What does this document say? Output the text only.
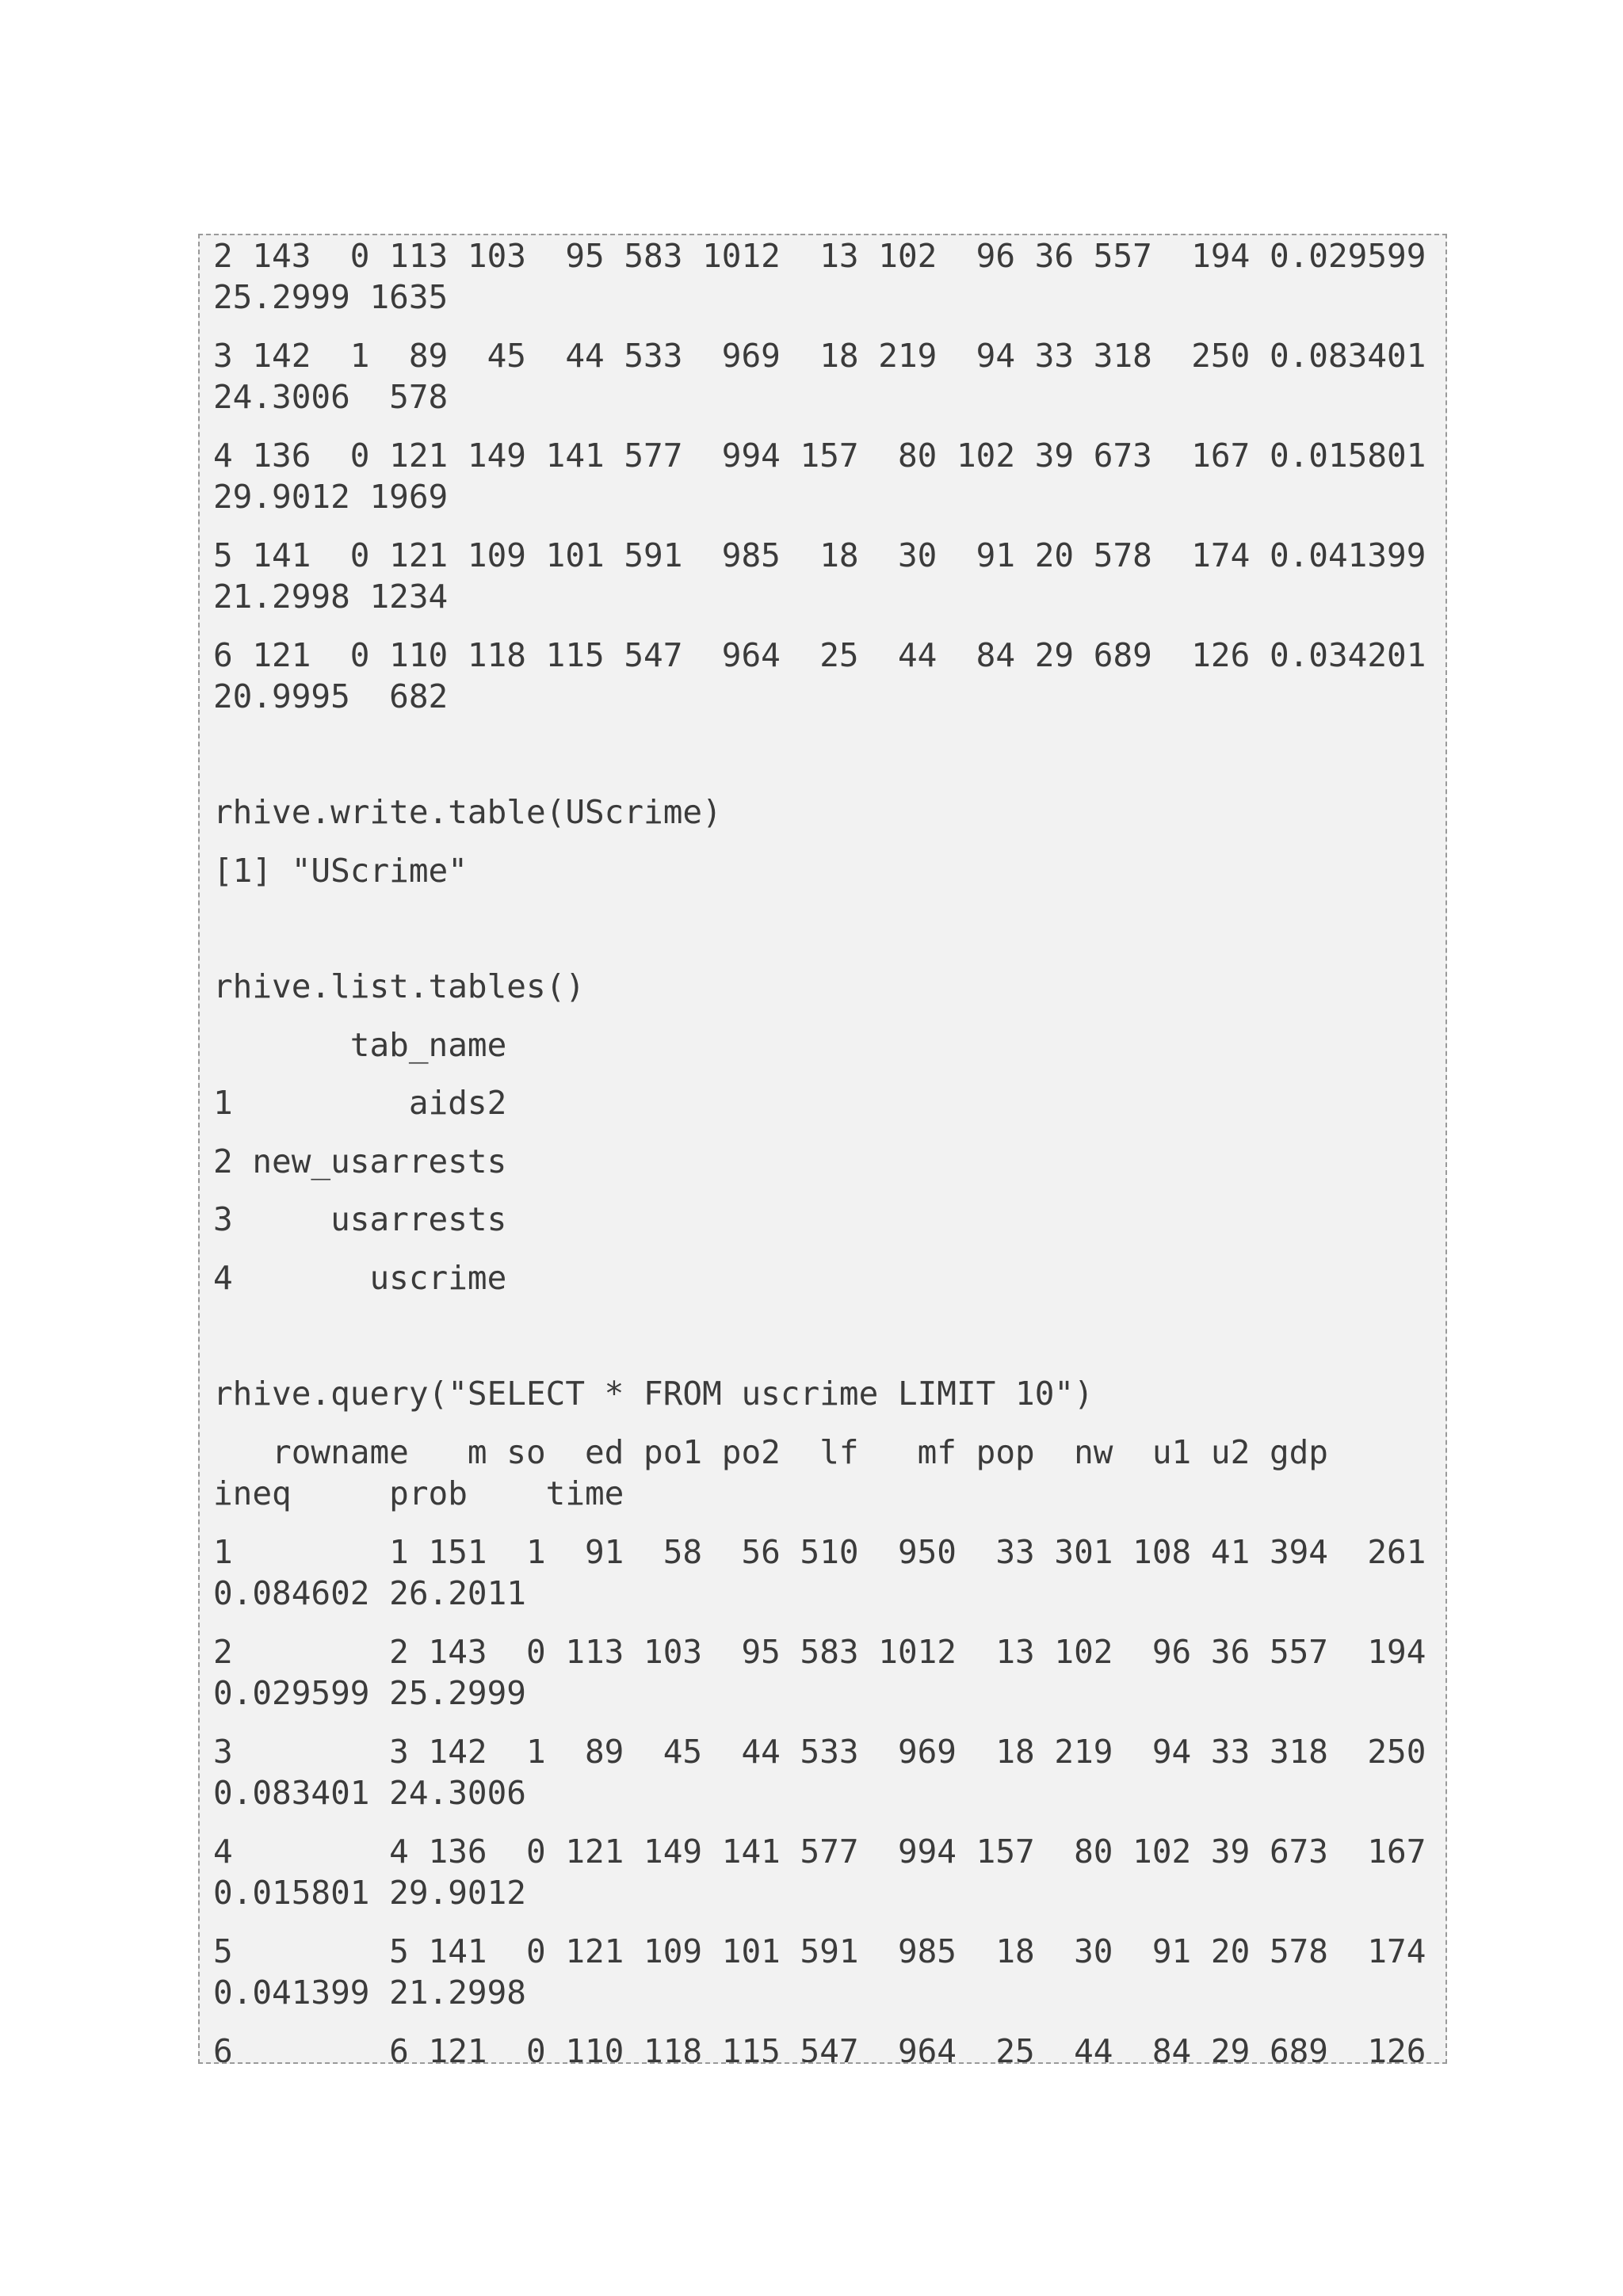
2 143  0 113 103  95 583 1012  13 102  96 36 557  194 0.029599
25.2999 1635
3 142  1  89  45  44 533  969  18 219  94 33 318  250 0.083401
24.3006  578
4 136  0 121 149 141 577  994 157  80 102 39 673  167 0.015801
29.9012 1969
5 141  0 121 109 101 591  985  18  30  91 20 578  174 0.041399
21.2998 1234
6 121  0 110 118 115 547  964  25  44  84 29 689  126 0.034201
20.9995  682
rhive.write.table(UScrime)
[1] "UScrime"
rhive.list.tables()
tab_name
1         aids2
2 new_usarrests
3     usarrests
4       uscrime
rhive.query("SELECT * FROM uscrime LIMIT 10")
rowname   m so  ed po1 po2  lf   mf pop  nw  u1 u2 gdp
ineq     prob    time
1        1 151  1  91  58  56 510  950  33 301 108 41 394  261
0.084602 26.2011
2        2 143  0 113 103  95 583 1012  13 102  96 36 557  194
0.029599 25.2999
3        3 142  1  89  45  44 533  969  18 219  94 33 318  250
0.083401 24.3006
4        4 136  0 121 149 141 577  994 157  80 102 39 673  167
0.015801 29.9012
5        5 141  0 121 109 101 591  985  18  30  91 20 578  174
0.041399 21.2998
6        6 121  0 110 118 115 547  964  25  44  84 29 689  126
